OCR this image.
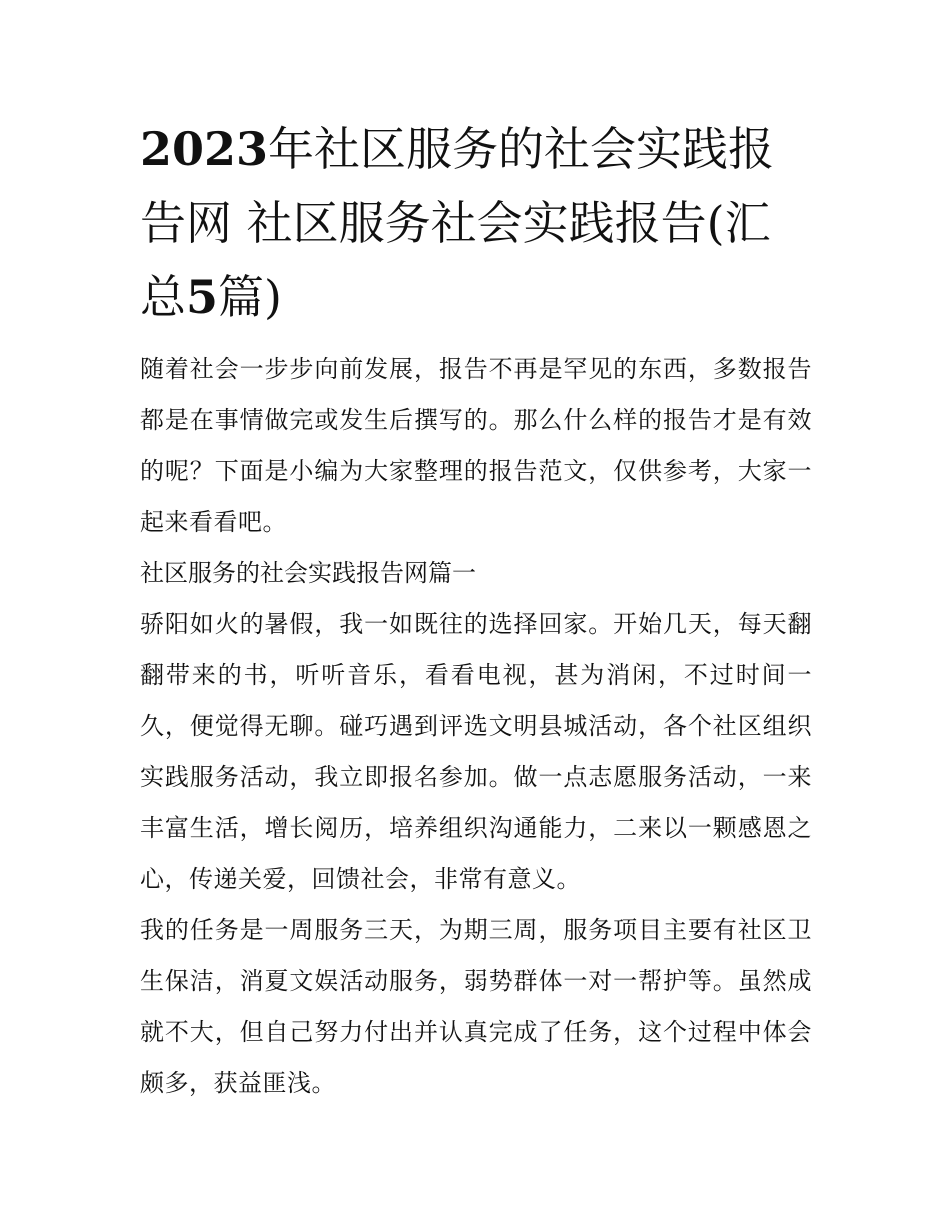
2023年社区服务的社会实践报告网 社区服务社会实践报告(汇总5篇)

随着社会一步步向前发展，报告不再是罕见的东西，多数报告都是在事情做完或发生后撰写的。那么什么样的报告才是有效的呢？下面是小编为大家整理的报告范文，仅供参考，大家一起来看看吧。

社区服务的社会实践报告网篇一

骄阳如火的暑假，我一如既往的选择回家。开始几天，每天翻翻带来的书，听听音乐，看看电视，甚为消闲，不过时间一久，便觉得无聊。碰巧遇到评选文明县城活动，各个社区组织实践服务活动，我立即报名参加。做一点志愿服务活动，一来丰富生活，增长阅历，培养组织沟通能力，二来以一颗感恩之心，传递关爱，回馈社会，非常有意义。

我的任务是一周服务三天，为期三周，服务项目主要有社区卫生保洁，消夏文娱活动服务，弱势群体一对一帮护等。虽然成就不大，但自己努力付出并认真完成了任务，这个过程中体会颇多，获益匪浅。
